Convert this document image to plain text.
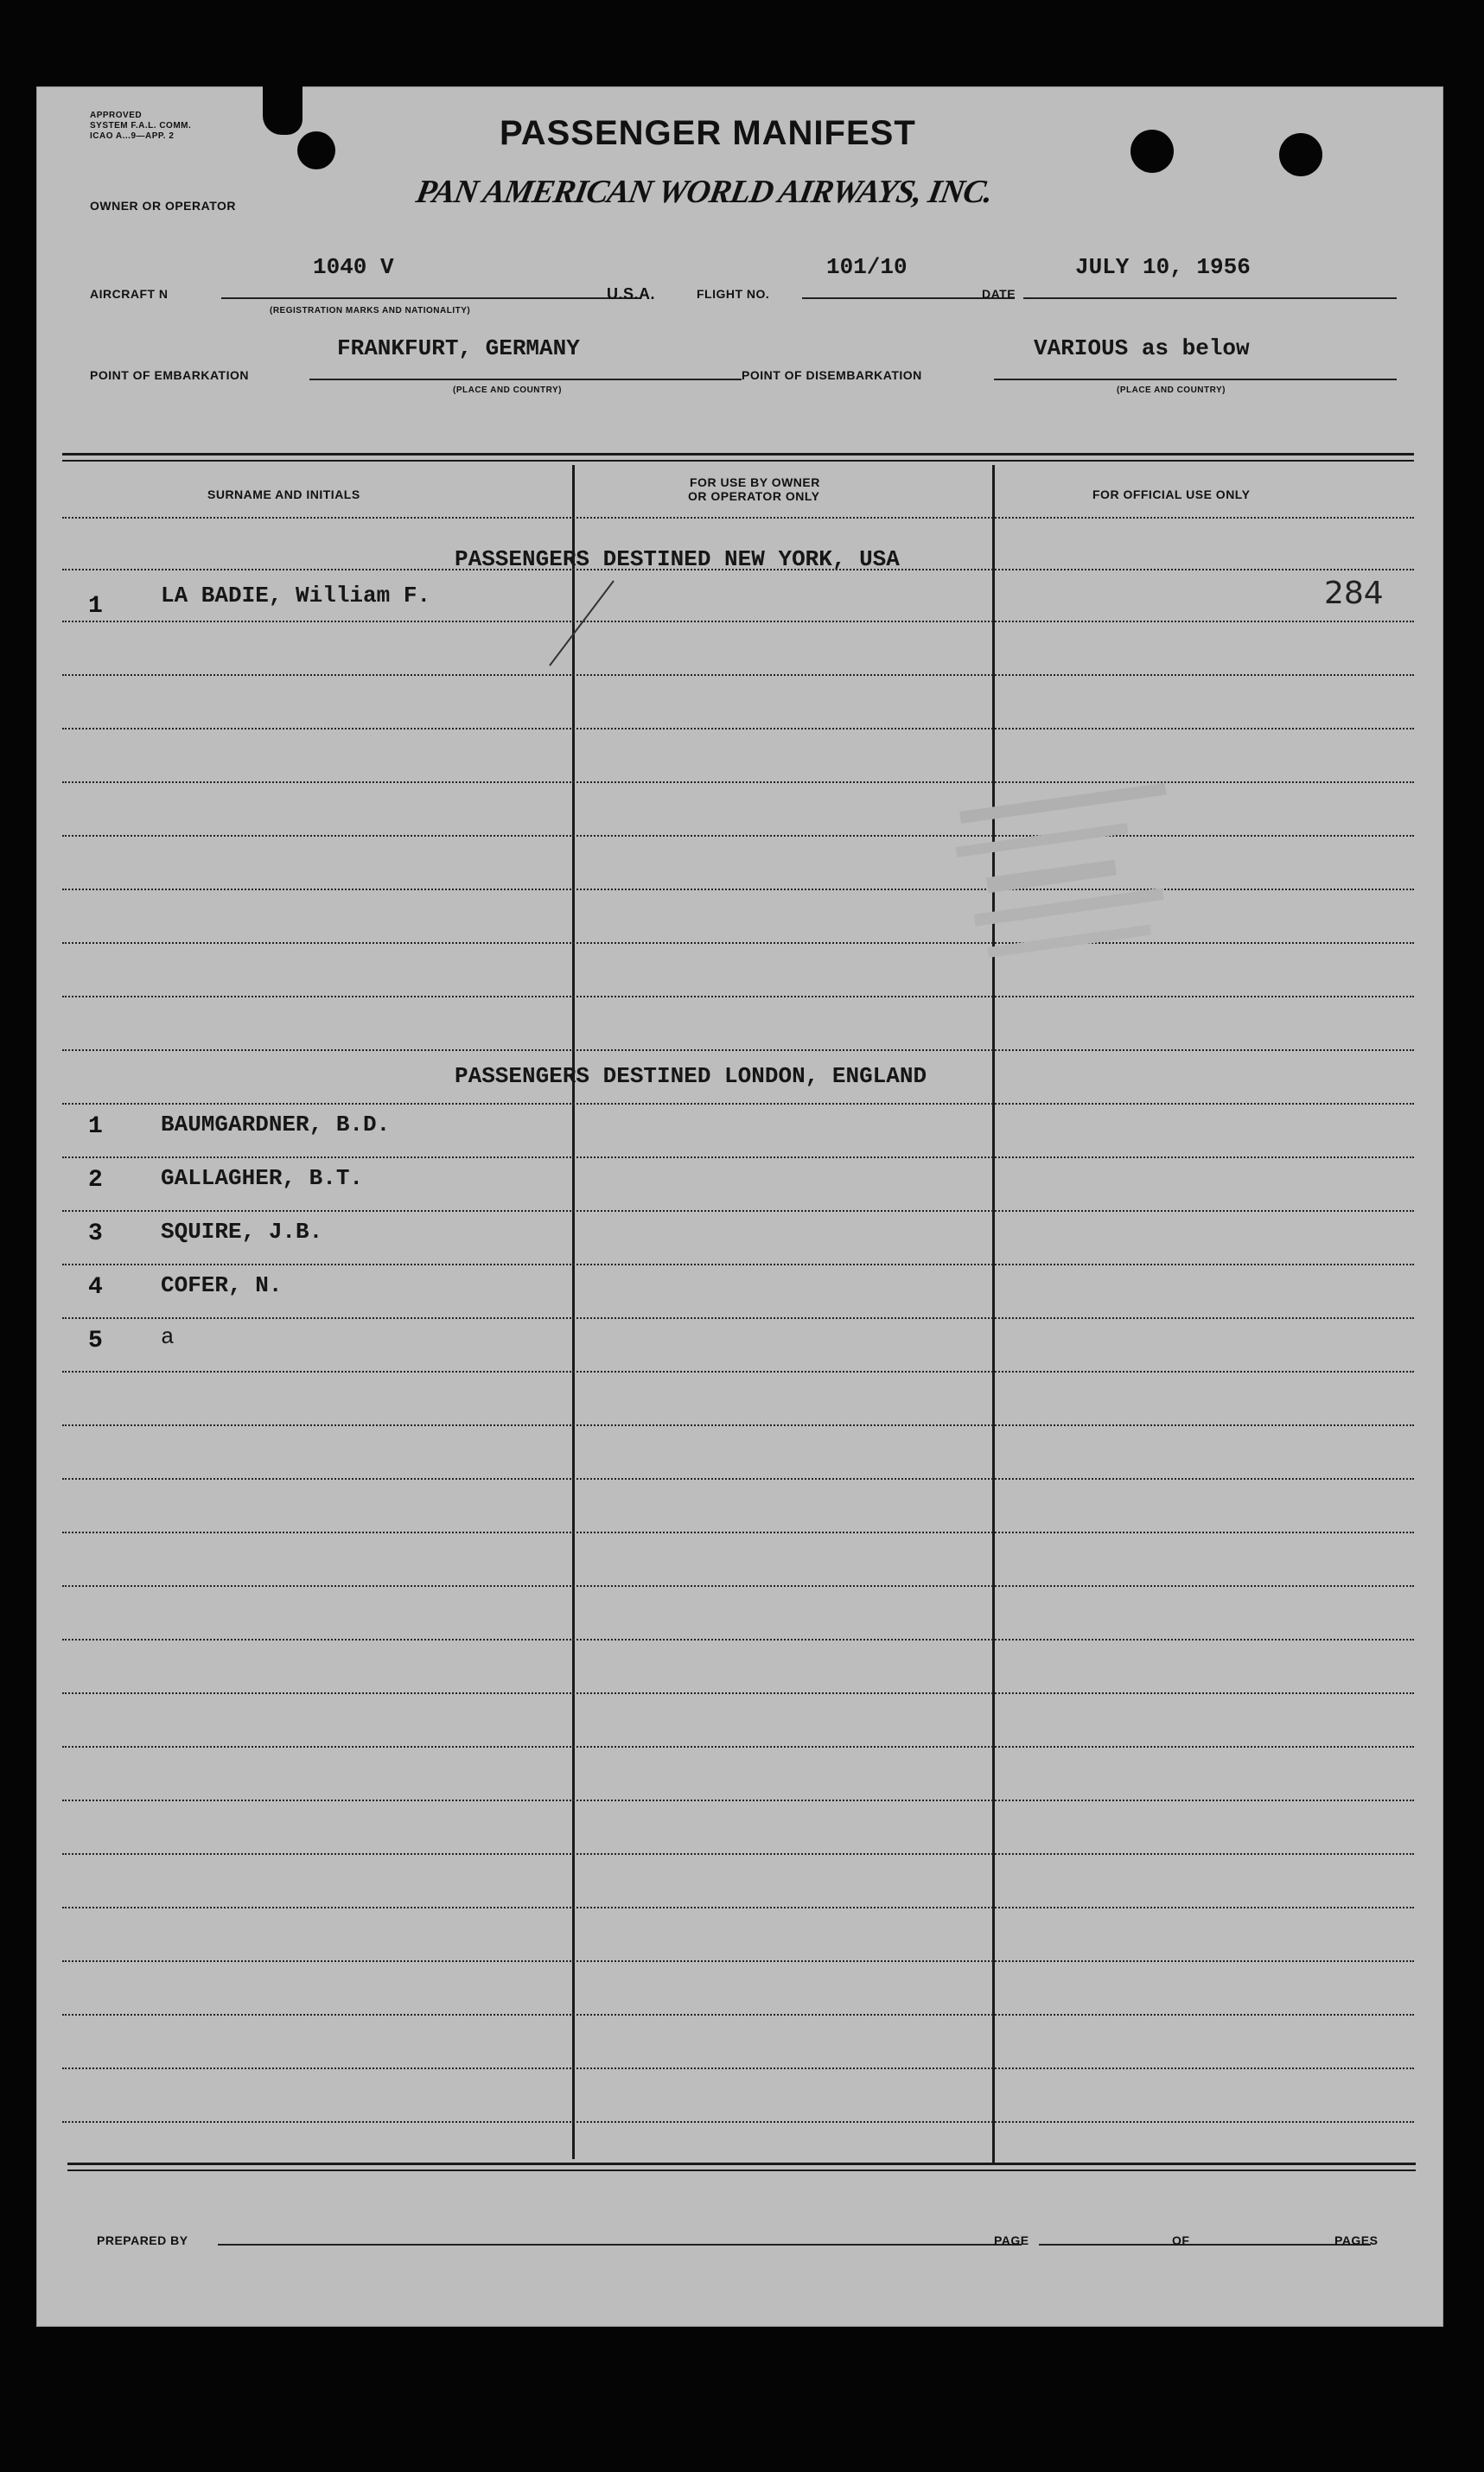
APPROVED
SYSTEM F.A.L. COMM.
ICAO A...9—APP. 2
OWNER OR OPERATOR
PASSENGER MANIFEST
PAN AMERICAN WORLD AIRWAYS, INC.
AIRCRAFT N
1040 V
(REGISTRATION MARKS AND NATIONALITY)
U.S.A.	FLIGHT NO.
101/10
DATE
JULY 10, 1956
POINT OF EMBARKATION
FRANKFURT, GERMANY
(PLACE AND COUNTRY)
POINT OF DISEMBARKATION
VARIOUS as below
(PLACE AND COUNTRY)
SURNAME AND INITIALS
FOR USE BY OWNER
OR OPERATOR ONLY	FOR OFFICIAL USE ONLY
PASSENGERS DESTINED NEW YORK, USA
1	LA BADIE, William F.	284
PASSENGERS DESTINED LONDON, ENGLAND
1	BAUMGARDNER, B.D.
2	GALLAGHER, B.T.
3	SQUIRE, J.B.
4	COFER, N.
5	a
PREPARED BY	PAGE	OF	PAGES
